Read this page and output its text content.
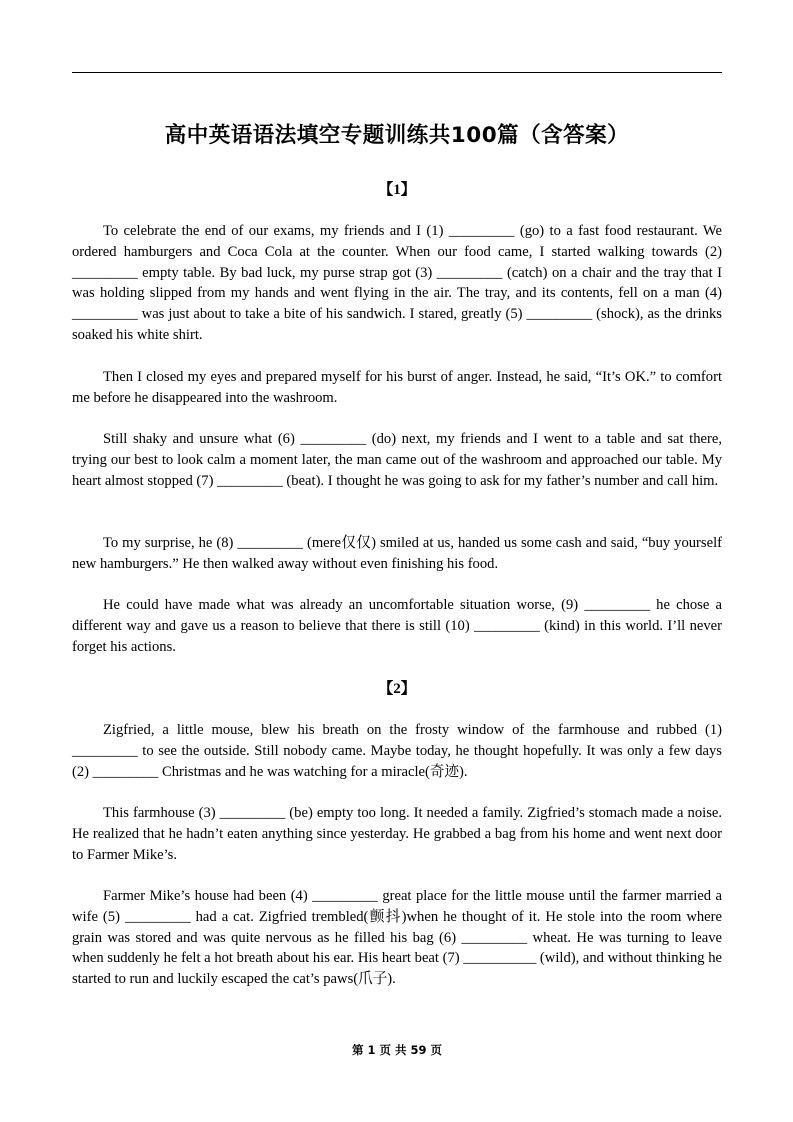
高中英语语法填空专题训练共100篇（含答案）
【1】

To celebrate the end of our exams, my friends and I (1) _________ (go) to a fast food restaurant. We ordered hamburgers and Coca Cola at the counter. When our food came, I started walking towards (2) _________ empty table. By bad luck, my purse strap got (3) _________ (catch) on a chair and the tray that I was holding slipped from my hands and went flying in the air. The tray, and its contents, fell on a man (4) _________ was just about to take a bite of his sandwich. I stared, greatly (5) _________ (shock), as the drinks soaked his white shirt.

Then I closed my eyes and prepared myself for his burst of anger. Instead, he said, “It’s OK.” to comfort me before he disappeared into the washroom.

Still shaky and unsure what (6) _________ (do) next, my friends and I went to a table and sat there, trying our best to look calm a moment later, the man came out of the washroom and approached our table. My heart almost stopped (7) _________ (beat). I thought he was going to ask for my father’s number and call him.

To my surprise, he (8) _________ (mere仅仅) smiled at us, handed us some cash and said, “buy yourself new hamburgers.” He then walked away without even finishing his food.

He could have made what was already an uncomfortable situation worse, (9) _________ he chose a different way and gave us a reason to believe that there is still (10) _________ (kind) in this world. I’ll never forget his actions.

【2】

Zigfried, a little mouse, blew his breath on the frosty window of the farmhouse and rubbed (1) _________ to see the outside. Still nobody came. Maybe today, he thought hopefully. It was only a few days (2) _________ Christmas and he was watching for a miracle(奇迹).

This farmhouse (3) _________ (be) empty too long. It needed a family. Zigfried’s stomach made a noise. He realized that he hadn’t eaten anything since yesterday. He grabbed a bag from his home and went next door to Farmer Mike’s.

Farmer Mike’s house had been (4) _________ great place for the little mouse until the farmer married a wife (5) _________ had a cat. Zigfried trembled(颤抖)when he thought of it. He stole into the room where grain was stored and was quite nervous as he filled his bag (6) _________ wheat. He was turning to leave when suddenly he felt a hot breath about his ear. His heart beat (7) __________ (wild), and without thinking he started to run and luckily escaped the cat’s paws(爪子).

第 1 页 共 59 页
